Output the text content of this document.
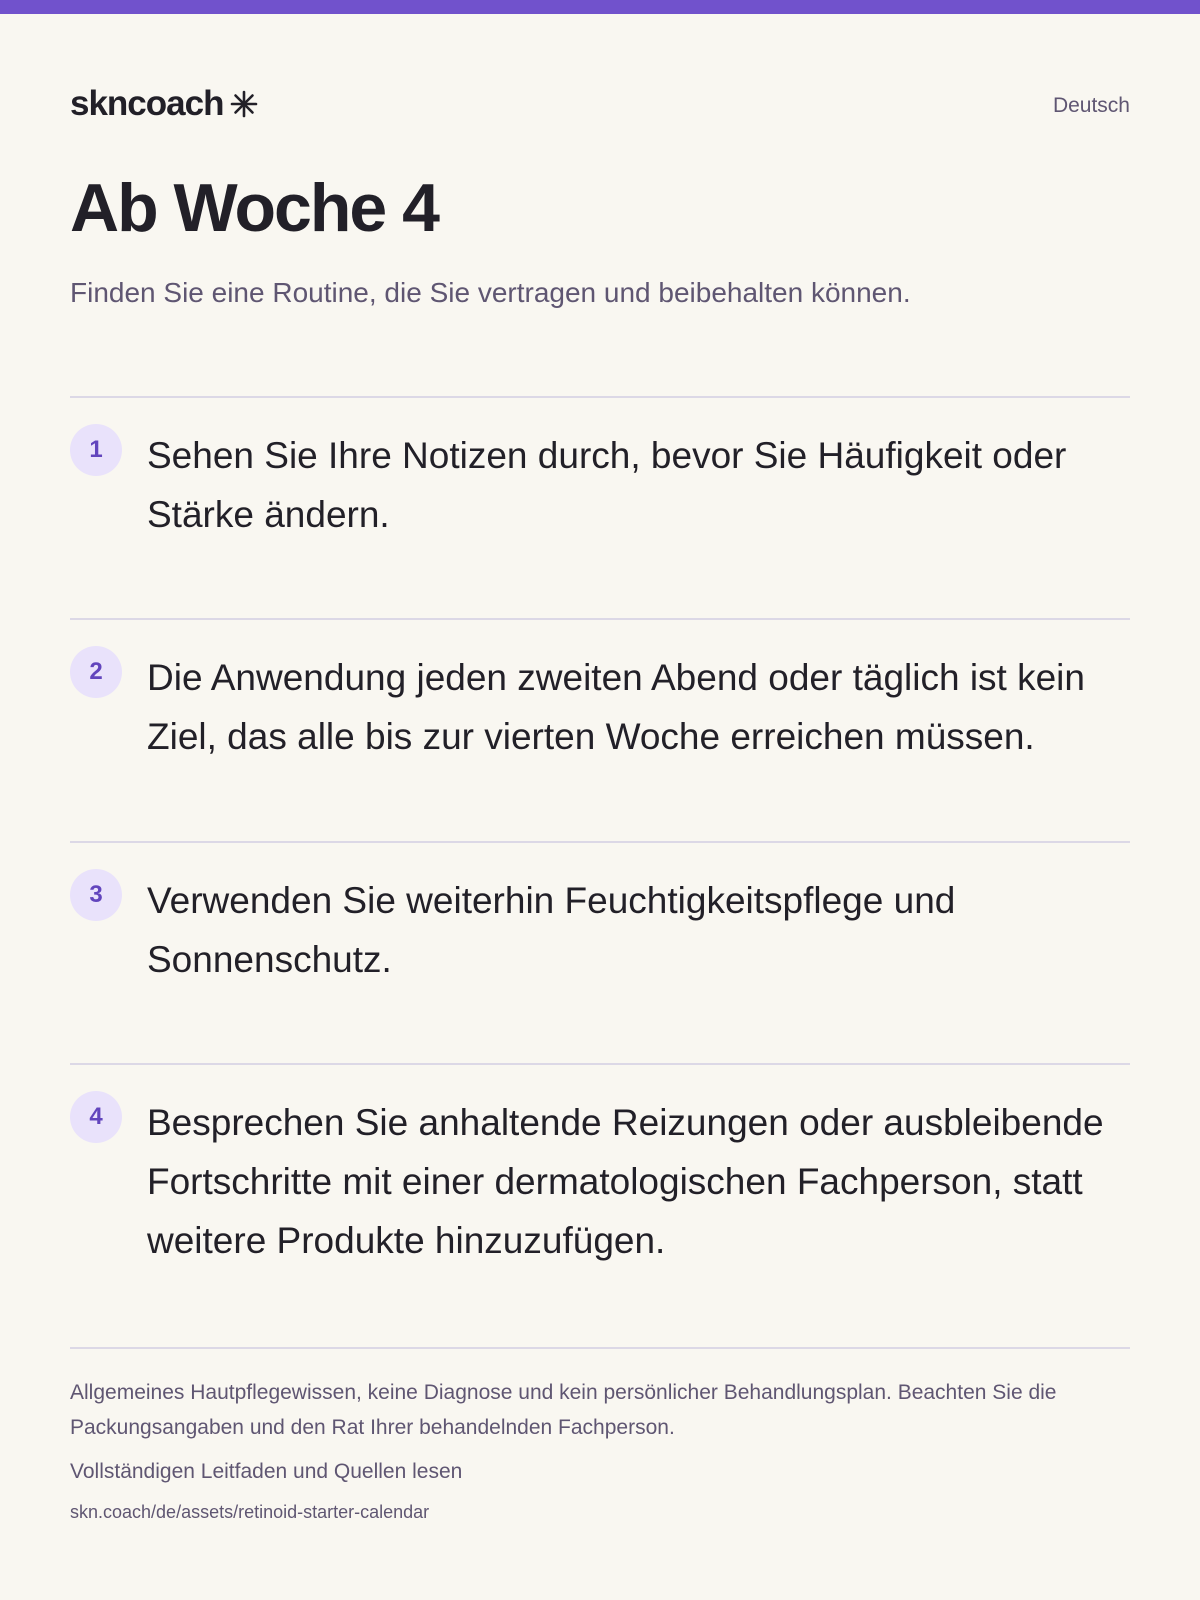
skncoach	Deutsch
Ab Woche 4
Finden Sie eine Routine, die Sie vertragen und beibehalten können.
1	Sehen Sie Ihre Notizen durch, bevor Sie Häufigkeit oder Stärke ändern.
2	Die Anwendung jeden zweiten Abend oder täglich ist kein Ziel, das alle bis zur vierten Woche erreichen müssen.
3	Verwenden Sie weiterhin Feuchtigkeitspflege und Sonnenschutz.
4	Besprechen Sie anhaltende Reizungen oder ausbleibende Fortschritte mit einer dermatologischen Fachperson, statt weitere Produkte hinzuzufügen.
Allgemeines Hautpflegewissen, keine Diagnose und kein persönlicher Behandlungsplan. Beachten Sie die Packungsangaben und den Rat Ihrer behandelnden Fachperson.
Vollständigen Leitfaden und Quellen lesen
skn.coach/de/assets/retinoid-starter-calendar
